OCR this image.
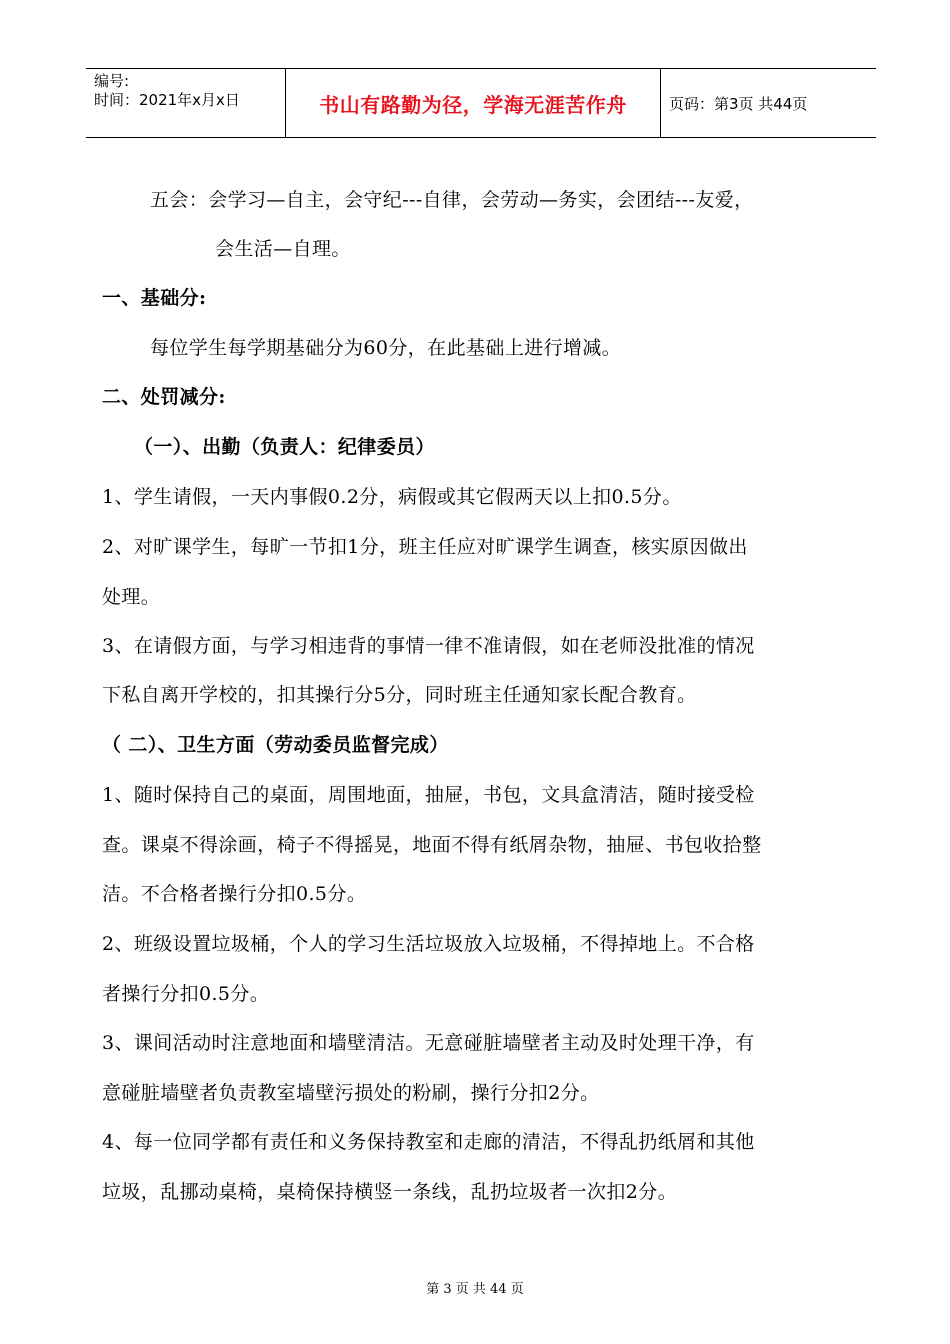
编号:
时间：2021年x月x日	书山有路勤为径，学海无涯苦作舟	页码：第3页 共44页
五会：会学习—自主，会守纪---自律，会劳动—务实，会团结---友爱，
会生活—自理。
一、基础分:
每位学生每学期基础分为60分，在此基础上进行增减。
二、处罚减分:
（一）、出勤（负责人：纪律委员）
1、学生请假，一天内事假0.2分，病假或其它假两天以上扣0.5分。
2、对旷课学生，每旷一节扣1分，班主任应对旷课学生调查，核实原因做出
处理。
3、在请假方面，与学习相违背的事情一律不准请假，如在老师没批准的情况
下私自离开学校的，扣其操行分5分，同时班主任通知家长配合教育。
（ 二）、卫生方面（劳动委员监督完成）
1、随时保持自己的桌面，周围地面，抽屉，书包，文具盒清洁，随时接受检
查。课桌不得涂画，椅子不得摇晃，地面不得有纸屑杂物，抽屉、书包收拾整
洁。不合格者操行分扣0.5分。
2、班级设置垃圾桶，个人的学习生活垃圾放入垃圾桶，不得掉地上。不合格
者操行分扣0.5分。
3、课间活动时注意地面和墙壁清洁。无意碰脏墙壁者主动及时处理干净，有
意碰脏墙壁者负责教室墙壁污损处的粉刷，操行分扣2分。
4、每一位同学都有责任和义务保持教室和走廊的清洁，不得乱扔纸屑和其他
垃圾，乱挪动桌椅，桌椅保持横竖一条线，乱扔垃圾者一次扣2分。
第 3 页 共 44 页
